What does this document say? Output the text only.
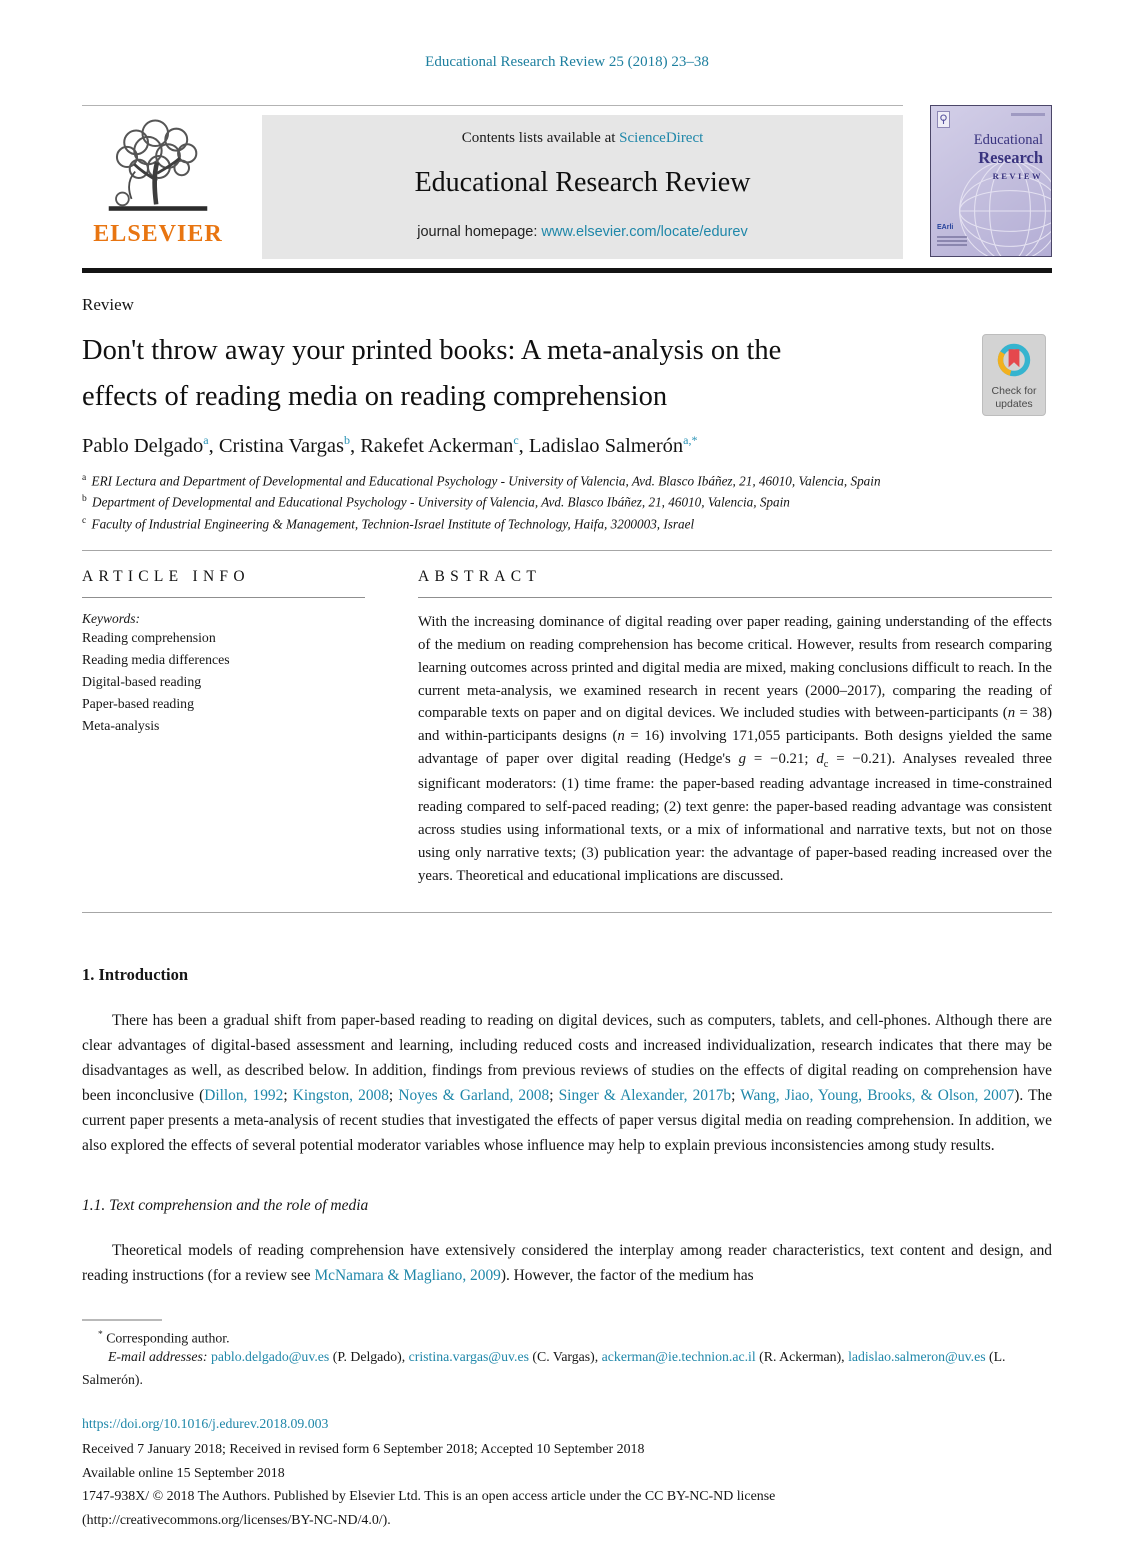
Educational Research Review 25 (2018) 23–38
ELSEVIER
Contents lists available at ScienceDirect
Educational Research Review
journal homepage: www.elsevier.com/locate/edurev
Educational
Research
REVIEW
EArli
Review
Don't throw away your printed books: A meta-analysis on the
effects of reading media on reading comprehension	Check for
updates
Pablo Delgado$^a$, Cristina Vargas$^b$, Rakefet Ackerman$^c$, Ladislao Salmerón$^{a,*}$
$^a$ ERI Lectura and Department of Developmental and Educational Psychology - University of Valencia, Avd. Blasco Ibáñez, 21, 46010, Valencia, Spain
$^b$ Department of Developmental and Educational Psychology - University of Valencia, Avd. Blasco Ibáñez, 21, 46010, Valencia, Spain
$^c$ Faculty of Industrial Engineering & Management, Technion-Israel Institute of Technology, Haifa, 3200003, Israel
ARTICLE INFO
Keywords:
Reading comprehension
Reading media differences
Digital-based reading
Paper-based reading
Meta-analysis
ABSTRACT

With the increasing dominance of digital reading over paper reading, gaining understanding of the effects of the medium on reading comprehension has become critical. However, results from research comparing learning outcomes across printed and digital media are mixed, making conclusions difficult to reach. In the current meta-analysis, we examined research in recent years (2000–2017), comparing the reading of comparable texts on paper and on digital devices. We included studies with between-participants (n = 38) and within-participants designs (n = 16) involving 171,055 participants. Both designs yielded the same advantage of paper over digital reading (Hedge's g = −0.21; $d_c = -0.21$). Analyses revealed three significant moderators: (1) time frame: the paper-based reading advantage increased in time-constrained reading compared to self-paced reading; (2) text genre: the paper-based reading advantage was consistent across studies using informational texts, or a mix of informational and narrative texts, but not on those using only narrative texts; (3) publication year: the advantage of paper-based reading increased over the years. Theoretical and educational implications are discussed.

1. Introduction

There has been a gradual shift from paper-based reading to reading on digital devices, such as computers, tablets, and cell-phones. Although there are clear advantages of digital-based assessment and learning, including reduced costs and increased individualization, research indicates that there may be disadvantages as well, as described below. In addition, findings from previous reviews of studies on the effects of digital reading on comprehension have been inconclusive (Dillon, 1992; Kingston, 2008; Noyes & Garland, 2008; Singer & Alexander, 2017b; Wang, Jiao, Young, Brooks, & Olson, 2007). The current paper presents a meta-analysis of recent studies that investigated the effects of paper versus digital media on reading comprehension. In addition, we also explored the effects of several potential moderator variables whose influence may help to explain previous inconsistencies among study results.

1.1. Text comprehension and the role of media

Theoretical models of reading comprehension have extensively considered the interplay among reader characteristics, text content and design, and reading instructions (for a review see McNamara & Magliano, 2009). However, the factor of the medium has

* Corresponding author.

E-mail addresses: pablo.delgado@uv.es (P. Delgado), cristina.vargas@uv.es (C. Vargas), ackerman@ie.technion.ac.il (R. Ackerman), ladislao.salmeron@uv.es (L. Salmerón).

https://doi.org/10.1016/j.edurev.2018.09.003
Received 7 January 2018; Received in revised form 6 September 2018; Accepted 10 September 2018
Available online 15 September 2018
1747-938X/ © 2018 The Authors. Published by Elsevier Ltd. This is an open access article under the CC BY-NC-ND license
(http://creativecommons.org/licenses/BY-NC-ND/4.0/).
